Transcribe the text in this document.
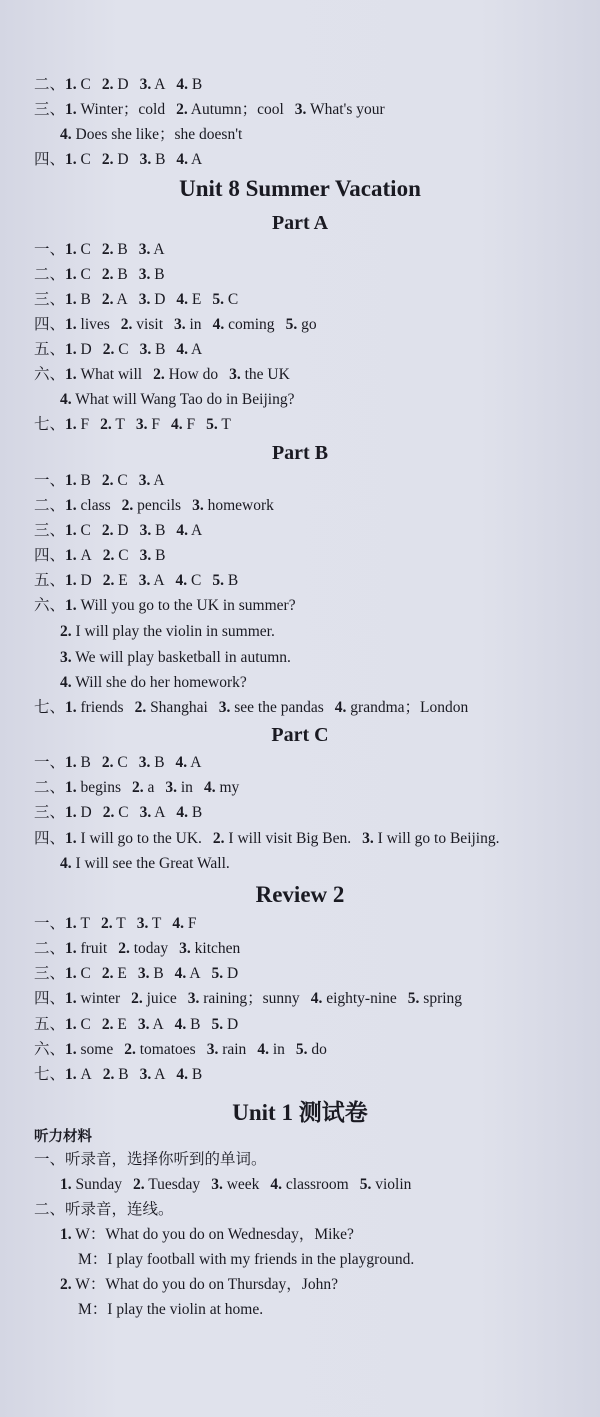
Unit 8 Summer Vacation
Part A
Part B
Part C
Review 2
Unit 1 测试卷
听力材料
二、1. C 2. D 3. A 4. B
三、1. Winter；cold 2. Autumn；cool 3. What's your
4. Does she like；she doesn't
四、1. C 2. D 3. B 4. A
一、1. C 2. B 3. A
二、1. C 2. B 3. B
三、1. B 2. A 3. D 4. E 5. C
四、1. lives 2. visit 3. in 4. coming 5. go
五、1. D 2. C 3. B 4. A
六、1. What will 2. How do 3. the UK
4. What will Wang Tao do in Beijing?
七、1. F 2. T 3. F 4. F 5. T
一、1. B 2. C 3. A
二、1. class 2. pencils 3. homework
三、1. C 2. D 3. B 4. A
四、1. A 2. C 3. B
五、1. D 2. E 3. A 4. C 5. B
六、1. Will you go to the UK in summer?
2. I will play the violin in summer.
3. We will play basketball in autumn.
4. Will she do her homework?
七、1. friends 2. Shanghai 3. see the pandas 4. grandma；London
一、1. B 2. C 3. B 4. A
二、1. begins 2. a 3. in 4. my
三、1. D 2. C 3. A 4. B
四、1. I will go to the UK. 2. I will visit Big Ben. 3. I will go to Beijing.
4. I will see the Great Wall.
一、1. T 2. T 3. T 4. F
二、1. fruit 2. today 3. kitchen
三、1. C 2. E 3. B 4. A 5. D
四、1. winter 2. juice 3. raining；sunny 4. eighty-nine 5. spring
五、1. C 2. E 3. A 4. B 5. D
六、1. some 2. tomatoes 3. rain 4. in 5. do
七、1. A 2. B 3. A 4. B
一、听录音，选择你听到的单词。
1. Sunday 2. Tuesday 3. week 4. classroom 5. violin
二、听录音，连线。
1. W：What do you do on Wednesday，Mike?
M：I play football with my friends in the playground.
2. W：What do you do on Thursday，John?
M：I play the violin at home.
